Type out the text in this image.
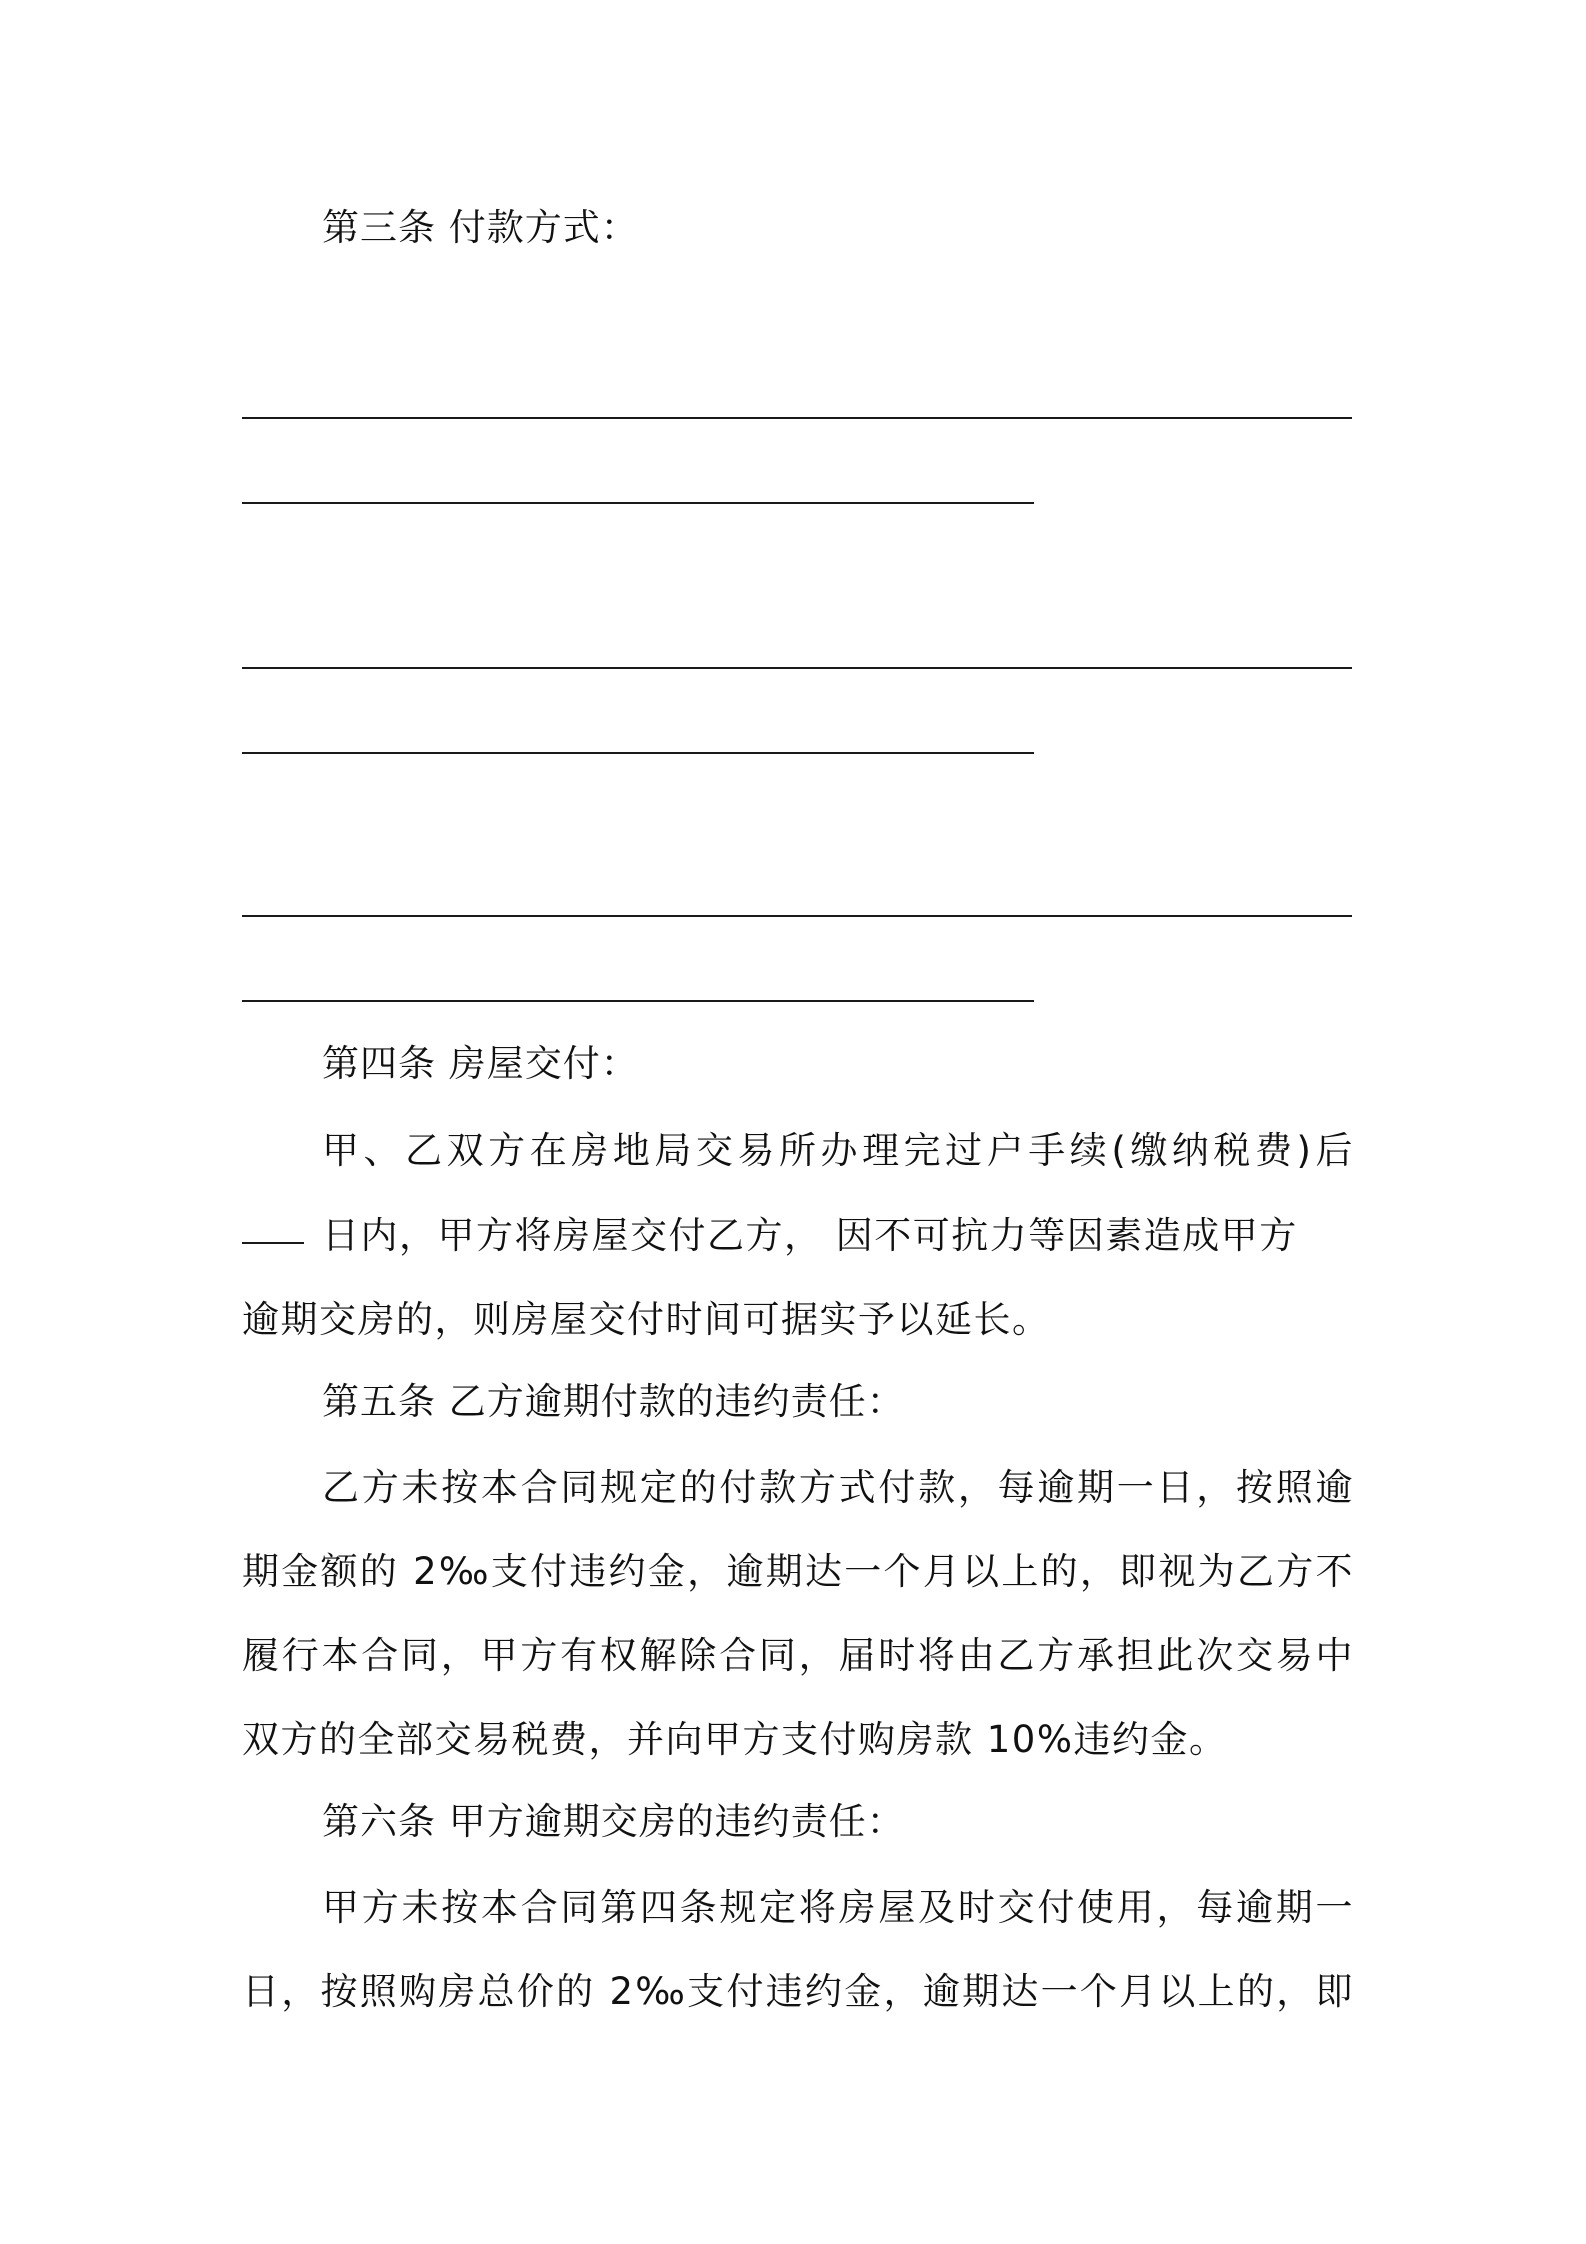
第三条 付款方式：
第四条 房屋交付：
甲、乙双方在房地局交易所办理完过户手续(缴纳税费)后
日内，甲方将房屋交付乙方， 因不可抗力等因素造成甲方
逾期交房的，则房屋交付时间可据实予以延长。
第五条 乙方逾期付款的违约责任：
乙方未按本合同规定的付款方式付款，每逾期一日，按照逾
期金额的 2‰支付违约金，逾期达一个月以上的，即视为乙方不
履行本合同，甲方有权解除合同，届时将由乙方承担此次交易中
双方的全部交易税费，并向甲方支付购房款 10%违约金。
第六条 甲方逾期交房的违约责任：
甲方未按本合同第四条规定将房屋及时交付使用，每逾期一
日，按照购房总价的 2‰支付违约金，逾期达一个月以上的，即
